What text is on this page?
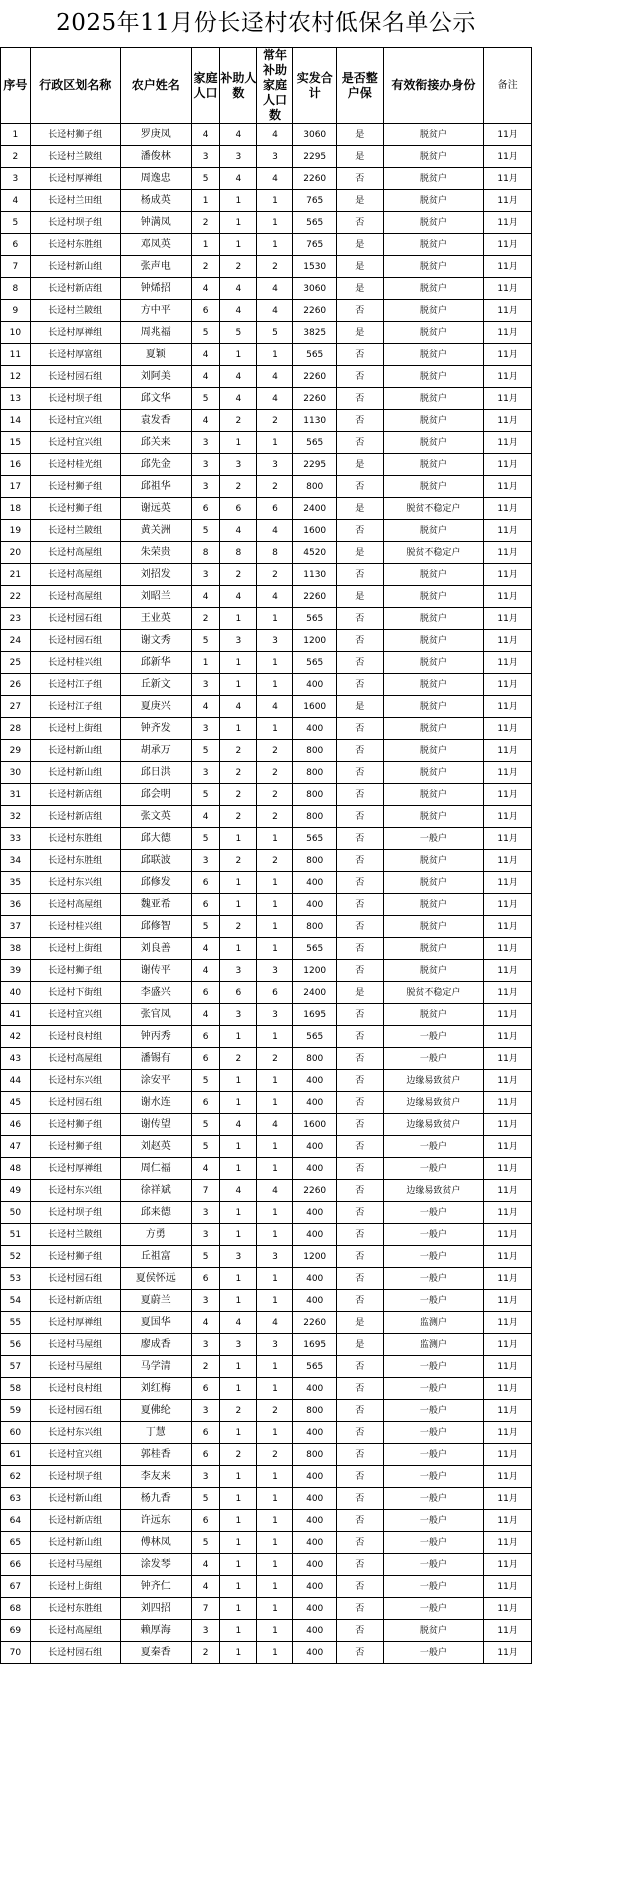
2025年11月份长迳村农村低保名单公示
序号	行政区划名称	农户姓名	家庭人口	补助人数	常年补助家庭人口数	实发合计	是否整户保	有效衔接办身份	备注
1	长迳村狮子组	罗庚凤	4	4	4	3060	是	脱贫户	11月
2	长迳村兰陂组	潘俊林	3	3	3	2295	是	脱贫户	11月
3	长迳村厚禅组	周逸忠	5	4	4	2260	否	脱贫户	11月
4	长迳村兰田组	杨成英	1	1	1	765	是	脱贫户	11月
5	长迳村坝子组	钟满凤	2	1	1	565	否	脱贫户	11月
6	长迳村东胜组	邓凤英	1	1	1	765	是	脱贫户	11月
7	长迳村新山组	张声电	2	2	2	1530	是	脱贫户	11月
8	长迳村新店组	钟烯招	4	4	4	3060	是	脱贫户	11月
9	长迳村兰陂组	方中平	6	4	4	2260	否	脱贫户	11月
10	长迳村厚禅组	周兆福	5	5	5	3825	是	脱贫户	11月
11	长迳村厚富组	夏颖	4	1	1	565	否	脱贫户	11月
12	长迳村园石组	刘阿美	4	4	4	2260	否	脱贫户	11月
13	长迳村坝子组	邱文华	5	4	4	2260	否	脱贫户	11月
14	长迳村宜兴组	袁发香	4	2	2	1130	否	脱贫户	11月
15	长迳村宜兴组	邱关来	3	1	1	565	否	脱贫户	11月
16	长迳村桂光组	邱先金	3	3	3	2295	是	脱贫户	11月
17	长迳村狮子组	邱祖华	3	2	2	800	否	脱贫户	11月
18	长迳村狮子组	谢远英	6	6	6	2400	是	脱贫不稳定户	11月
19	长迳村兰陂组	黄关洲	5	4	4	1600	否	脱贫户	11月
20	长迳村高屋组	朱荣贵	8	8	8	4520	是	脱贫不稳定户	11月
21	长迳村高屋组	刘招发	3	2	2	1130	否	脱贫户	11月
22	长迳村高屋组	刘昭兰	4	4	4	2260	是	脱贫户	11月
23	长迳村园石组	王业英	2	1	1	565	否	脱贫户	11月
24	长迳村园石组	谢文秀	5	3	3	1200	否	脱贫户	11月
25	长迳村桂兴组	邱新华	1	1	1	565	否	脱贫户	11月
26	长迳村江子组	丘新文	3	1	1	400	否	脱贫户	11月
27	长迳村江子组	夏庚兴	4	4	4	1600	是	脱贫户	11月
28	长迳村上街组	钟齐发	3	1	1	400	否	脱贫户	11月
29	长迳村新山组	胡承万	5	2	2	800	否	脱贫户	11月
30	长迳村新山组	邱日洪	3	2	2	800	否	脱贫户	11月
31	长迳村新店组	邱会明	5	2	2	800	否	脱贫户	11月
32	长迳村新店组	张文英	4	2	2	800	否	脱贫户	11月
33	长迳村东胜组	邱大德	5	1	1	565	否	一般户	11月
34	长迳村东胜组	邱联波	3	2	2	800	否	脱贫户	11月
35	长迳村东兴组	邱修发	6	1	1	400	否	脱贫户	11月
36	长迳村高屋组	魏亚希	6	1	1	400	否	脱贫户	11月
37	长迳村桂兴组	邱修智	5	2	1	800	否	脱贫户	11月
38	长迳村上街组	刘良善	4	1	1	565	否	脱贫户	11月
39	长迳村狮子组	谢传平	4	3	3	1200	否	脱贫户	11月
40	长迳村下街组	李盛兴	6	6	6	2400	是	脱贫不稳定户	11月
41	长迳村宜兴组	张官凤	4	3	3	1695	否	脱贫户	11月
42	长迳村良村组	钟丙秀	6	1	1	565	否	一般户	11月
43	长迳村高屋组	潘锡有	6	2	2	800	否	一般户	11月
44	长迳村东兴组	涂安平	5	1	1	400	否	边缘易致贫户	11月
45	长迳村园石组	谢水连	6	1	1	400	否	边缘易致贫户	11月
46	长迳村狮子组	谢传望	5	4	4	1600	否	边缘易致贫户	11月
47	长迳村狮子组	刘赵英	5	1	1	400	否	一般户	11月
48	长迳村厚禅组	周仁福	4	1	1	400	否	一般户	11月
49	长迳村东兴组	徐祥斌	7	4	4	2260	否	边缘易致贫户	11月
50	长迳村坝子组	邱来德	3	1	1	400	否	一般户	11月
51	长迳村兰陂组	方勇	3	1	1	400	否	一般户	11月
52	长迳村狮子组	丘祖富	5	3	3	1200	否	一般户	11月
53	长迳村园石组	夏侯怀远	6	1	1	400	否	一般户	11月
54	长迳村新店组	夏蔚兰	3	1	1	400	否	一般户	11月
55	长迳村厚禅组	夏国华	4	4	4	2260	是	监测户	11月
56	长迳村马屋组	廖成香	3	3	3	1695	是	监测户	11月
57	长迳村马屋组	马学清	2	1	1	565	否	一般户	11月
58	长迳村良村组	刘红梅	6	1	1	400	否	一般户	11月
59	长迳村园石组	夏佛纶	3	2	2	800	否	一般户	11月
60	长迳村东兴组	丁慧	6	1	1	400	否	一般户	11月
61	长迳村宜兴组	郭桂香	6	2	2	800	否	一般户	11月
62	长迳村坝子组	李友来	3	1	1	400	否	一般户	11月
63	长迳村新山组	杨九香	5	1	1	400	否	一般户	11月
64	长迳村新店组	许远东	6	1	1	400	否	一般户	11月
65	长迳村新山组	傅林凤	5	1	1	400	否	一般户	11月
66	长迳村马屋组	涂发琴	4	1	1	400	否	一般户	11月
67	长迳村上街组	钟齐仁	4	1	1	400	否	一般户	11月
68	长迳村东胜组	刘四招	7	1	1	400	否	一般户	11月
69	长迳村高屋组	赖厚海	3	1	1	400	否	脱贫户	11月
70	长迳村园石组	夏秦香	2	1	1	400	否	一般户	11月
